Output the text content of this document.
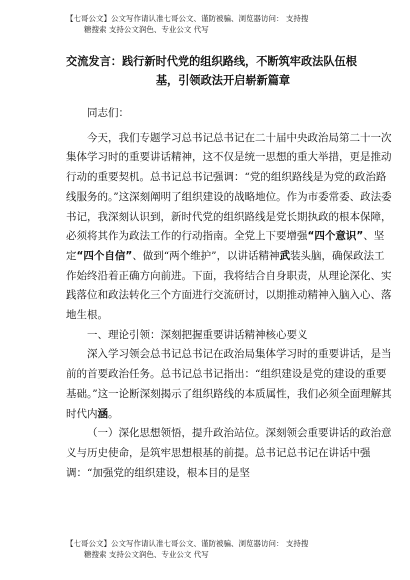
【七哥公文】公文写作请认准七哥公文、谨防被骗、浏览器访问： 支持搜
糖搜索 支持公文润色、专业公文 代写
交流发言：践行新时代党的组织路线，不断筑牢政法队伍根
基，引领政法开启崭新篇章

同志们：

今天，我们专题学习总书记总书记在二十届中央政治局第二十一次集体学习时的重要讲话精神，这不仅是统一思想的重大举措，更是推动行动的重要契机。总书记总书记强调：“党的组织路线是为党的政治路线服务的。”这深刻阐明了组织建设的战略地位。作为市委常委、政法委书记，我深刻认识到，新时代党的组织路线是党长期执政的根本保障，必须将其作为政法工作的行动指南。全党上下要增强“四个意识”、坚定“四个自信”、做到“两个维护”，以讲话精神武装头脑，确保政法工作始终沿着正确方向前进。下面，我将结合自身职责，从理论深化、实践落位和政法转化三个方面进行交流研讨，以期推动精神入脑入心、落地生根。

一、理论引领：深刻把握重要讲话精神核心要义

深入学习领会总书记总书记在政治局集体学习时的重要讲话，是当前的首要政治任务。总书记总书记指出：“组织建设是党的建设的重要基础。”这一论断深刻揭示了组织路线的本质属性，我们必须全面理解其时代内涵。

（一）深化思想领悟，提升政治站位。深刻领会重要讲话的政治意义与历史使命，是筑牢思想根基的前提。总书记总书记在讲话中强调：“加强党的组织建设，根本目的是坚

【七哥公文】公文写作请认准七哥公文、谨防被骗、浏览器访问： 支持搜
糖搜索 支持公文润色、专业公文 代写
